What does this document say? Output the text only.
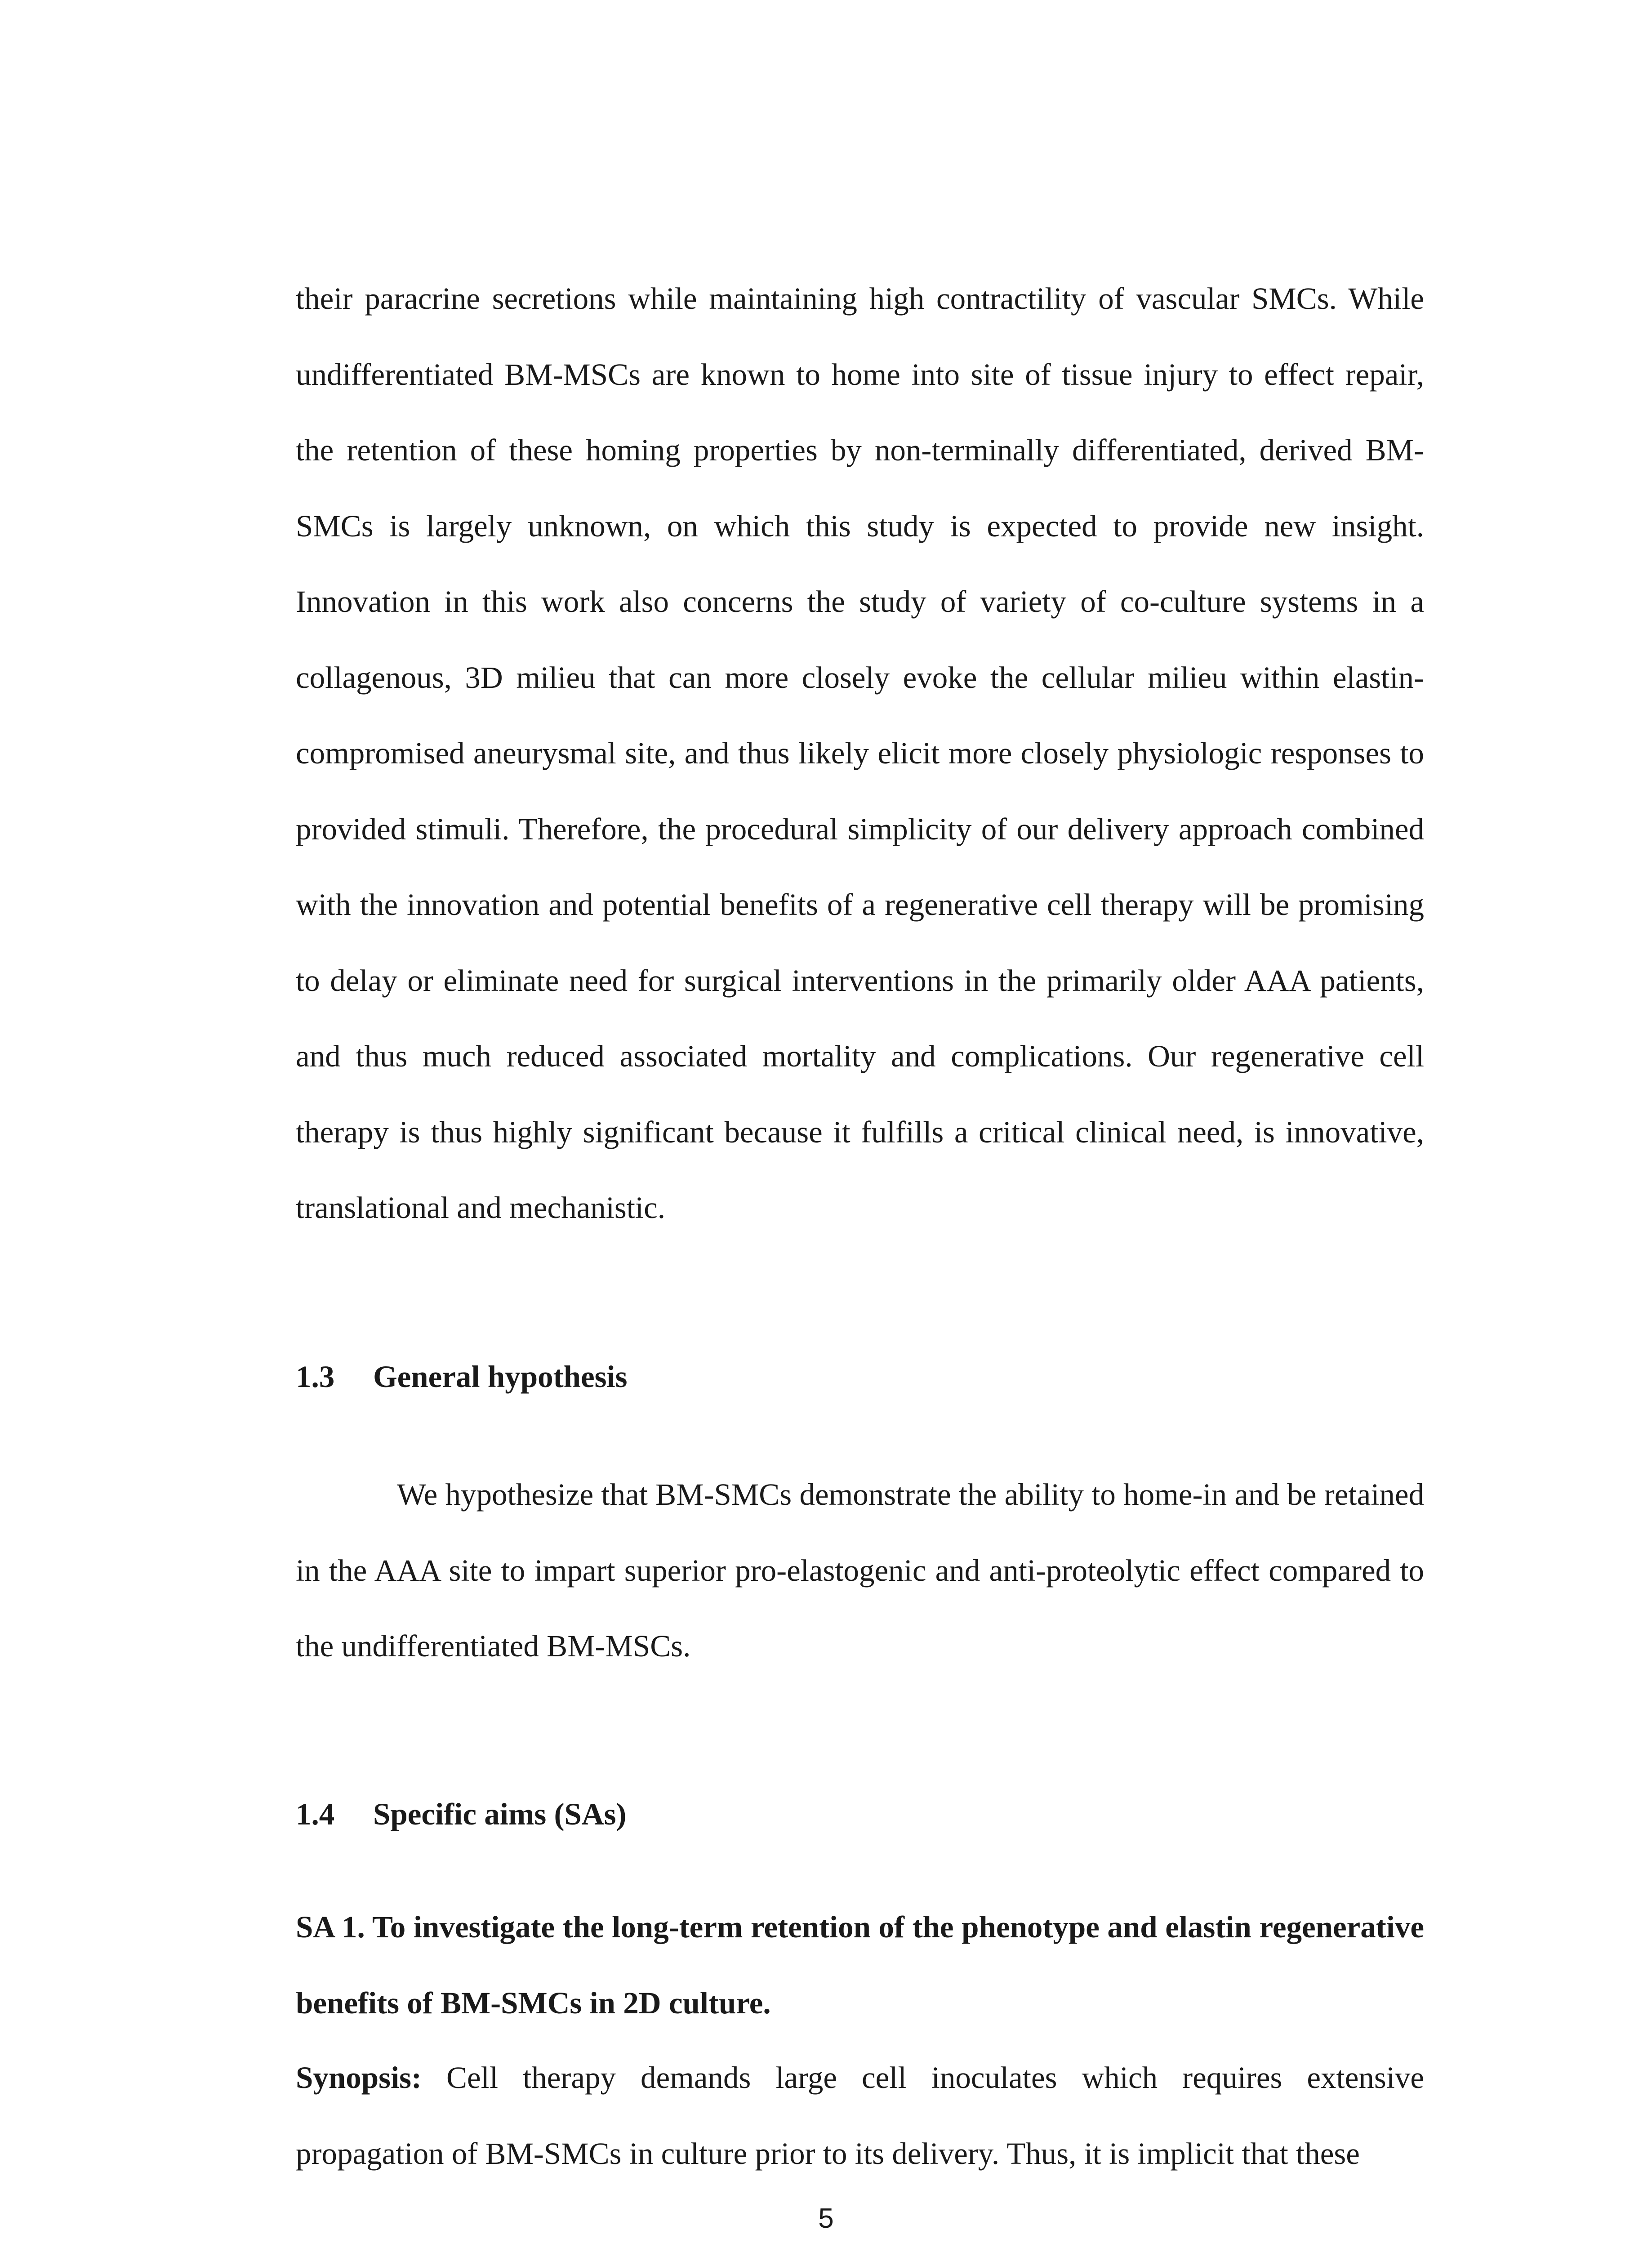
their paracrine secretions while maintaining high contractility of vascular SMCs. While undifferentiated BM-MSCs are known to home into site of tissue injury to effect repair, the retention of these homing properties by non-terminally differentiated, derived BM-SMCs is largely unknown, on which this study is expected to provide new insight. Innovation in this work also concerns the study of variety of co-culture systems in a collagenous, 3D milieu that can more closely evoke the cellular milieu within elastin-compromised aneurysmal site, and thus likely elicit more closely physiologic responses to provided stimuli. Therefore, the procedural simplicity of our delivery approach combined with the innovation and potential benefits of a regenerative cell therapy will be promising to delay or eliminate need for surgical interventions in the primarily older AAA patients, and thus much reduced associated mortality and complications. Our regenerative cell therapy is thus highly significant because it fulfills a critical clinical need, is innovative, translational and mechanistic.

1.3 General hypothesis

We hypothesize that BM-SMCs demonstrate the ability to home-in and be retained in the AAA site to impart superior pro-elastogenic and anti-proteolytic effect compared to the undifferentiated BM-MSCs.

1.4 Specific aims (SAs)

SA 1. To investigate the long-term retention of the phenotype and elastin regenerative benefits of BM-SMCs in 2D culture.

Synopsis: Cell therapy demands large cell inoculates which requires extensive propagation of BM-SMCs in culture prior to its delivery. Thus, it is implicit that these

5
